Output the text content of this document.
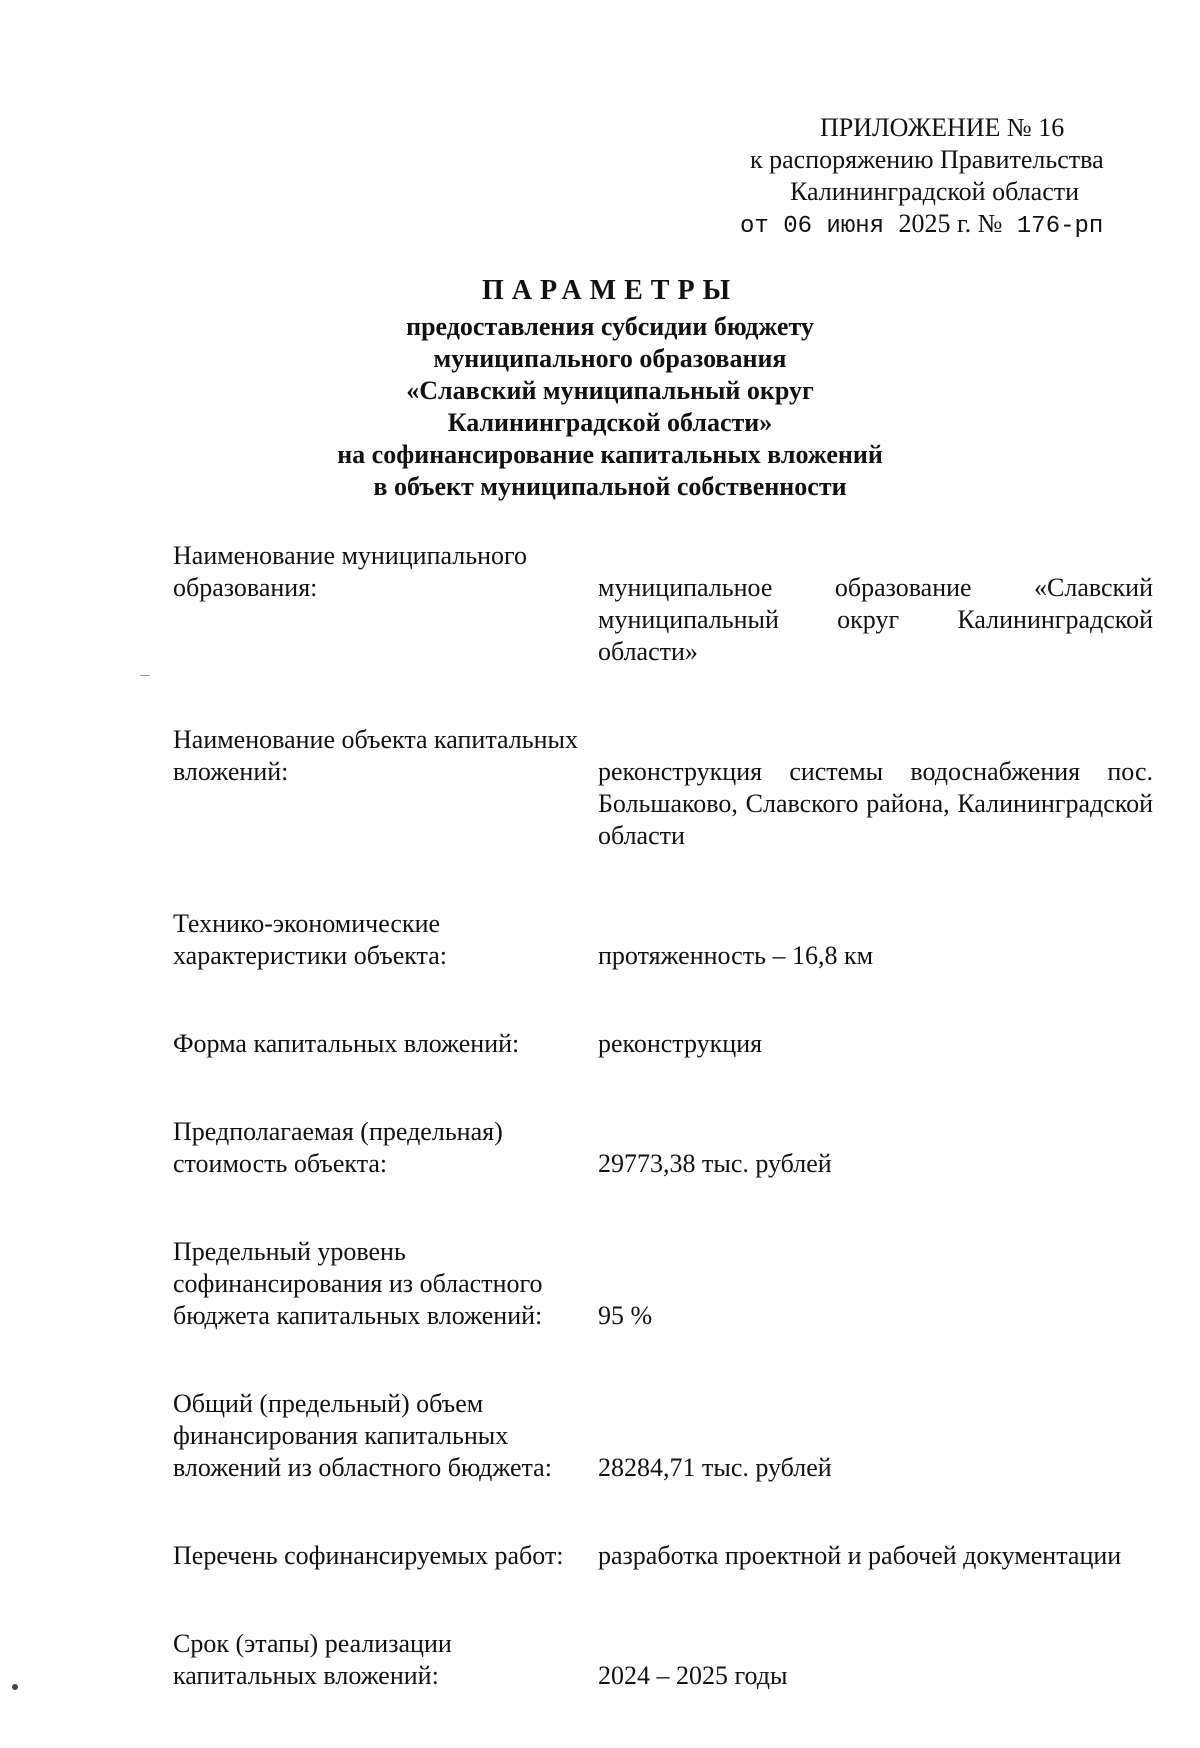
ПРИЛОЖЕНИЕ № 16
к распоряжению Правительства
Калининградской области
от 06 июня 2025 г. № 176-рп
ПАРАМЕТРЫ
предоставления субсидии бюджету
муниципального образования
«Славский муниципальный округ
Калининградской области»
на софинансирование капитальных вложений
в объект муниципальной собственности
Наименование муниципального образования:	муниципальное образование «Славский муниципальный округ Калининградской области»
Наименование объекта капитальных вложений:	реконструкция системы водоснабжения пос. Большаково, Славского района, Калининградской области
Технико-экономические характеристики объекта:	протяженность – 16,8 км
Форма капитальных вложений:	реконструкция
Предполагаемая (предельная) стоимость объекта:	29773,38 тыс. рублей
Предельный уровень софинансирования из областного бюджета капитальных вложений:	95 %
Общий (предельный) объем финансирования капитальных вложений из областного бюджета:	28284,71 тыс. рублей
Перечень софинансируемых работ:	разработка проектной и рабочей документации
Срок (этапы) реализации капитальных вложений:	2024 – 2025 годы
